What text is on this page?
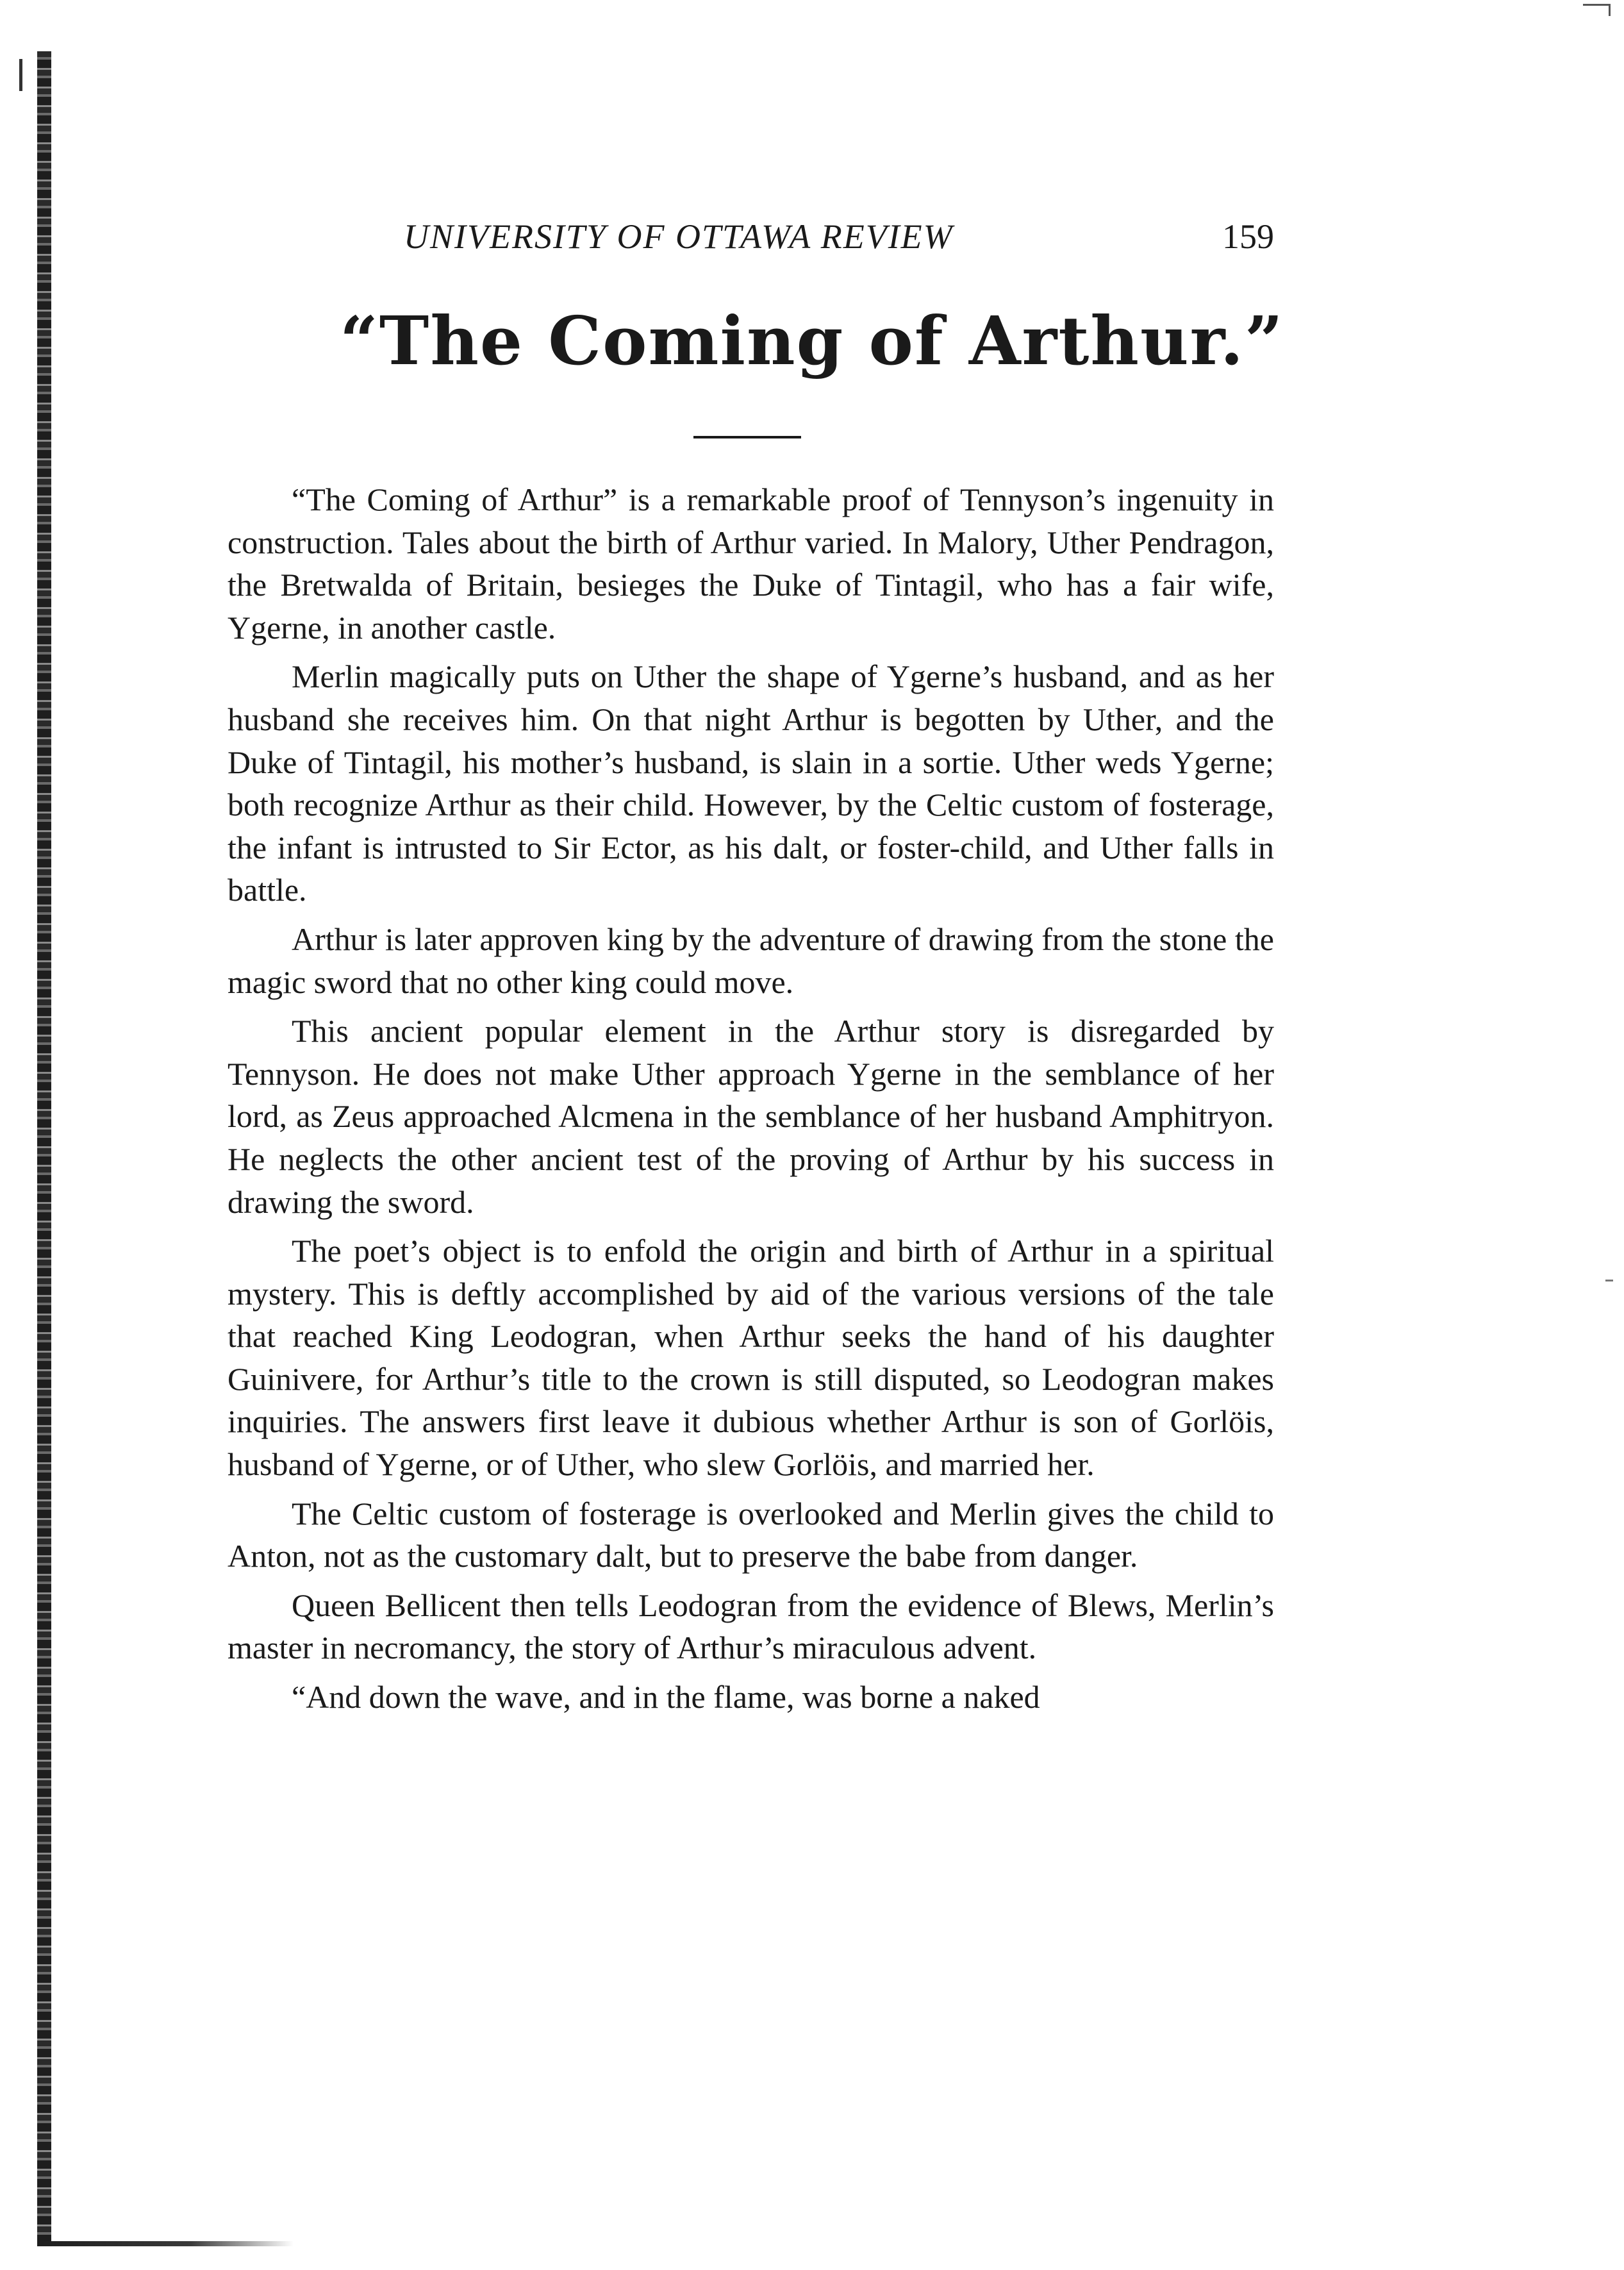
UNIVERSITY OF OTTAWA REVIEW	159
“The Coming of Arthur.”

“The Coming of Arthur” is a remarkable proof of Tennyson’s ingenuity in construction. Tales about the birth of Arthur varied. In Malory, Uther Pendragon, the Bretwalda of Britain, besieges the Duke of Tintagil, who has a fair wife, Ygerne, in another castle.

Merlin magically puts on Uther the shape of Ygerne’s husband, and as her husband she receives him. On that night Arthur is begotten by Uther, and the Duke of Tintagil, his mother’s husband, is slain in a sortie. Uther weds Ygerne; both recognize Arthur as their child. However, by the Celtic custom of fosterage, the infant is intrusted to Sir Ector, as his dalt, or foster-child, and Uther falls in battle.

Arthur is later approven king by the adventure of drawing from the stone the magic sword that no other king could move.

This ancient popular element in the Arthur story is disregarded by Tennyson. He does not make Uther approach Ygerne in the semblance of her lord, as Zeus approached Alcmena in the semblance of her husband Amphitryon. He neglects the other ancient test of the proving of Arthur by his success in drawing the sword.

The poet’s object is to enfold the origin and birth of Arthur in a spiritual mystery. This is deftly accomplished by aid of the various versions of the tale that reached King Leodogran, when Arthur seeks the hand of his daughter Guinivere, for Arthur’s title to the crown is still disputed, so Leodogran makes inquiries. The answers first leave it dubious whether Arthur is son of Gorlöis, husband of Ygerne, or of Uther, who slew Gorlöis, and married her.

The Celtic custom of fosterage is overlooked and Merlin gives the child to Anton, not as the customary dalt, but to preserve the babe from danger.

Queen Bellicent then tells Leodogran from the evidence of Blews, Merlin’s master in necromancy, the story of Arthur’s miraculous advent.

“And down the wave, and in the flame, was borne a naked
